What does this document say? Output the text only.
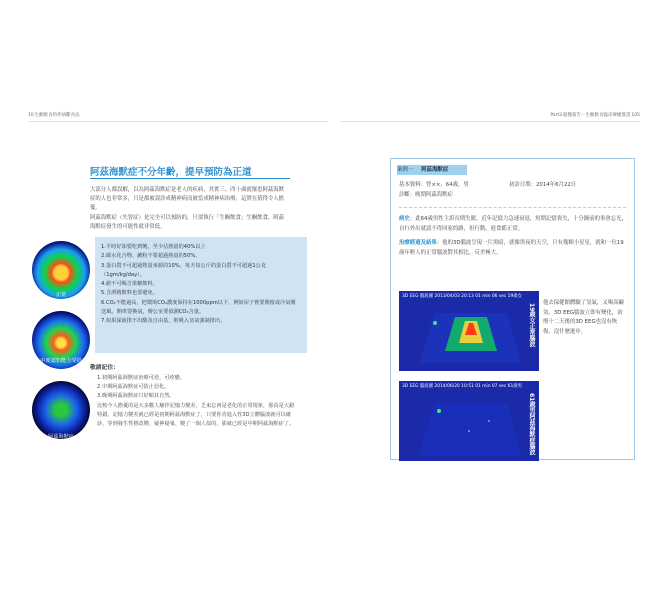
10 生酮飲食的疾病斷食法
阿茲海默症不分年齡，提早預防為正道
大部分人都誤解，以為阿茲海默症是老人的疾病，其實三、四十歲就罹患阿茲海默症的人也非常多，只是都被誤診成精神病而被當成精神病治療，這實在值得令人擔憂。
阿茲海默症（失智症）是完全可以預防的，只要執行「生酮飲食」生酮飲食，阿茲海默症發生的可能性就非常低。
正常
中度認知能力受損
阿茲海默症
1.平時好油要吃到飽，至少佔熱量的40%以上
2.碳水化合物、澱粉不要超過熱量的50%。
3.蛋白質不可超過熱量來源的10%，每天每公斤的蛋白質不可超過1公克（1gm/kg/day）。
4.絕不可喝含果糖飲料。
5.含酒精飲料也要避免。
6.CO₂不能過高，把環境CO₂濃度保持在1000ppm以下，例如屋子裡要開窗或冷氣開送風，開車要換氣，辦公室要偵測CO₂含量。
7.如果深液排不出酸及自由基，則吸入氫氣強制排出。
敬請記住：
1.初期阿茲海默症治療可逆、可痊癒。
2.中期阿茲海默症可防止惡化。
3.晚期阿茲海默症只好順其自然。
比較今人擔憂的是大多數人屢拌記憶力變差，乏束忘西是老化的正常現象，那真是大錯特錯。記憶力變差就已經是初期阿茲海默症了，只要你肯進入性3D立體腦波就可以確診，等到發生性格改變、疑神疑鬼、變了一個人似的，那就已經是中期阿茲海默症了。
Part3 腦醫報告－生酮飲食臨床療癒實證 105
案例一 阿茲海默症
基本資料：曾××，64歲，男	初診日期：2014年6月22日
診斷：晚期阿茲海默症
病史：此64歲男性主訴長期失眠，近年記憶力急速衰退，短期記憶喪失，十分鐘前的事會忘光，自行外出就認不得回家的路，但行動、進食都正常。
治療經過及結果：他的3D腦波呈現一片黑暗，就像黑夜的天空，只有幾顆小星星，就和一位19歲年輕人的正常腦波對其相比，反差極大。
3D EEG 腦波圖 2013/04/03 20:13 01 min 06 sec 19歲女
19歲女正常腦波
3D EEG 腦波圖 2014/06/20 10:51 01 min 07 sec 61歲男
61歲男阿茲海默症腦波
他去保健館體驗了氫氣，又喝高鹼氫，3D EEG腦波立即有變化，治療十二天後的3D EEG也沒有恢復，沒什麼進步。
